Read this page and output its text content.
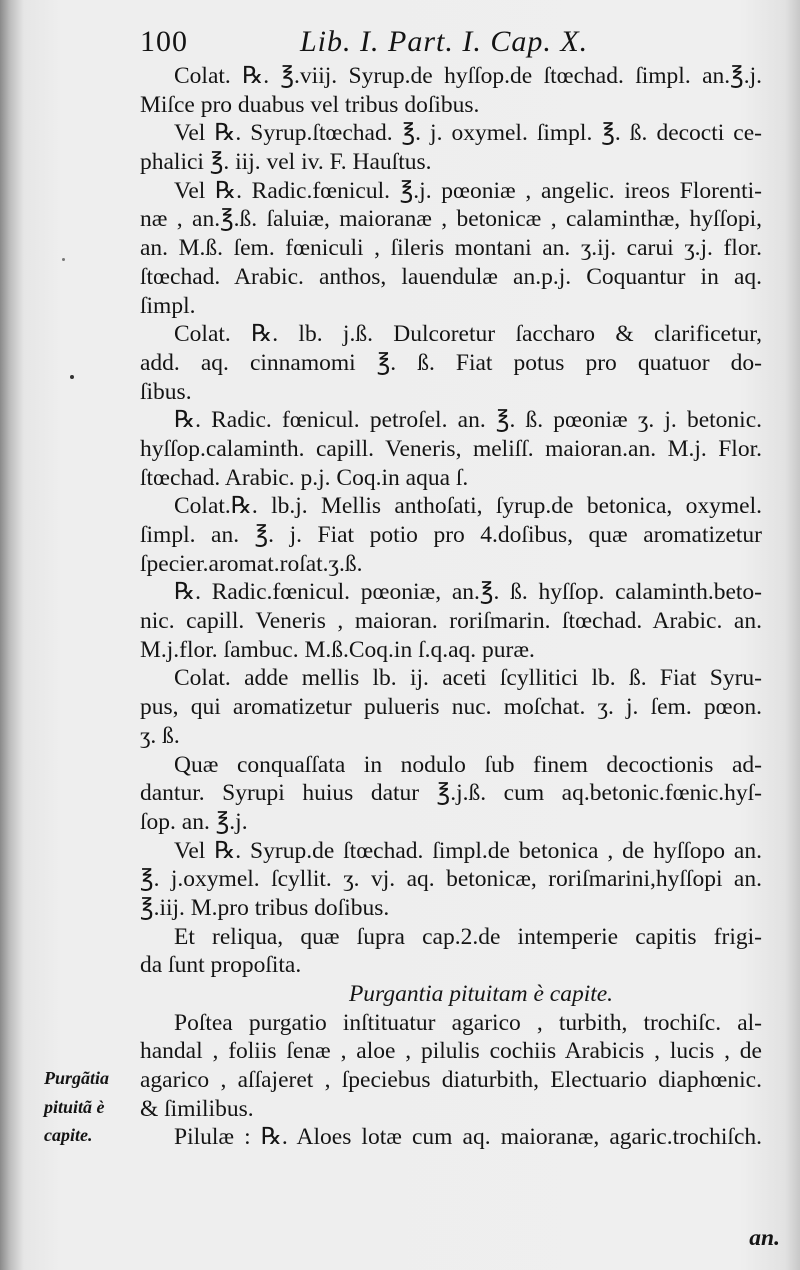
100	Lib. I. Part. I. Cap. X.
Purgãtia
pituitã è
capite.
Colat. ℞. ℥.viij. Syrup.de hyſſop.de ſtœchad. ſimpl. an.℥.j.
Miſce pro duabus vel tribus doſibus.
Vel ℞. Syrup.ſtœchad. ℥. j. oxymel. ſimpl. ℥. ß. decocti ce-
phalici ℥. iij. vel iv. F. Hauſtus.
Vel ℞. Radic.fœnicul. ℥.j. pœoniæ , angelic. ireos Florenti-
næ , an.℥.ß. ſaluiæ, maioranæ , betonicæ , calaminthæ, hyſſopi,
an. M.ß. ſem. fœniculi , ſileris montani an. ʒ.ij. carui ʒ.j. flor.
ſtœchad. Arabic. anthos, lauendulæ an.p.j. Coquantur in aq.
ſimpl.
Colat. ℞. lb. j.ß. Dulcoretur ſaccharo & clarificetur,
add. aq. cinnamomi ℥. ß. Fiat potus pro quatuor do-
ſibus.
℞. Radic. fœnicul. petroſel. an. ℥. ß. pœoniæ ʒ. j. betonic.
hyſſop.calaminth. capill. Veneris, meliſſ. maioran.an. M.j. Flor.
ſtœchad. Arabic. p.j. Coq.in aqua ſ.
Colat.℞. lb.j. Mellis anthoſati, ſyrup.de betonica, oxymel.
ſimpl. an. ℥. j. Fiat potio pro 4.doſibus, quæ aromatizetur
ſpecier.aromat.roſat.ʒ.ß.
℞. Radic.fœnicul. pœoniæ, an.℥. ß. hyſſop. calaminth.beto-
nic. capill. Veneris , maioran. roriſmarin. ſtœchad. Arabic. an.
M.j.flor. ſambuc. M.ß.Coq.in ſ.q.aq. puræ.
Colat. adde mellis lb. ij. aceti ſcyllitici lb. ß. Fiat Syru-
pus, qui aromatizetur pulueris nuc. moſchat. ʒ. j. ſem. pœon.
ʒ. ß.
Quæ conquaſſata in nodulo ſub finem decoctionis ad-
dantur. Syrupi huius datur ℥.j.ß. cum aq.betonic.fœnic.hyſ-
ſop. an. ℥.j.
Vel ℞. Syrup.de ſtœchad. ſimpl.de betonica , de hyſſopo an.
℥. j.oxymel. ſcyllit. ʒ. vj. aq. betonicæ, roriſmarini,hyſſopi an.
℥.iij. M.pro tribus doſibus.
Et reliqua, quæ ſupra cap.2.de intemperie capitis frigi-
da ſunt propoſita.
Purgantia pituitam è capite.
Poſtea purgatio inſtituatur agarico , turbith, trochiſc. al-
handal , foliis ſenæ , aloe , pilulis cochiis Arabicis , lucis , de
agarico , aſſajeret , ſpeciebus diaturbith, Electuario diaphœnic.
& ſimilibus.
Pilulæ : ℞. Aloes lotæ cum aq. maioranæ, agaric.trochiſch.
an.
